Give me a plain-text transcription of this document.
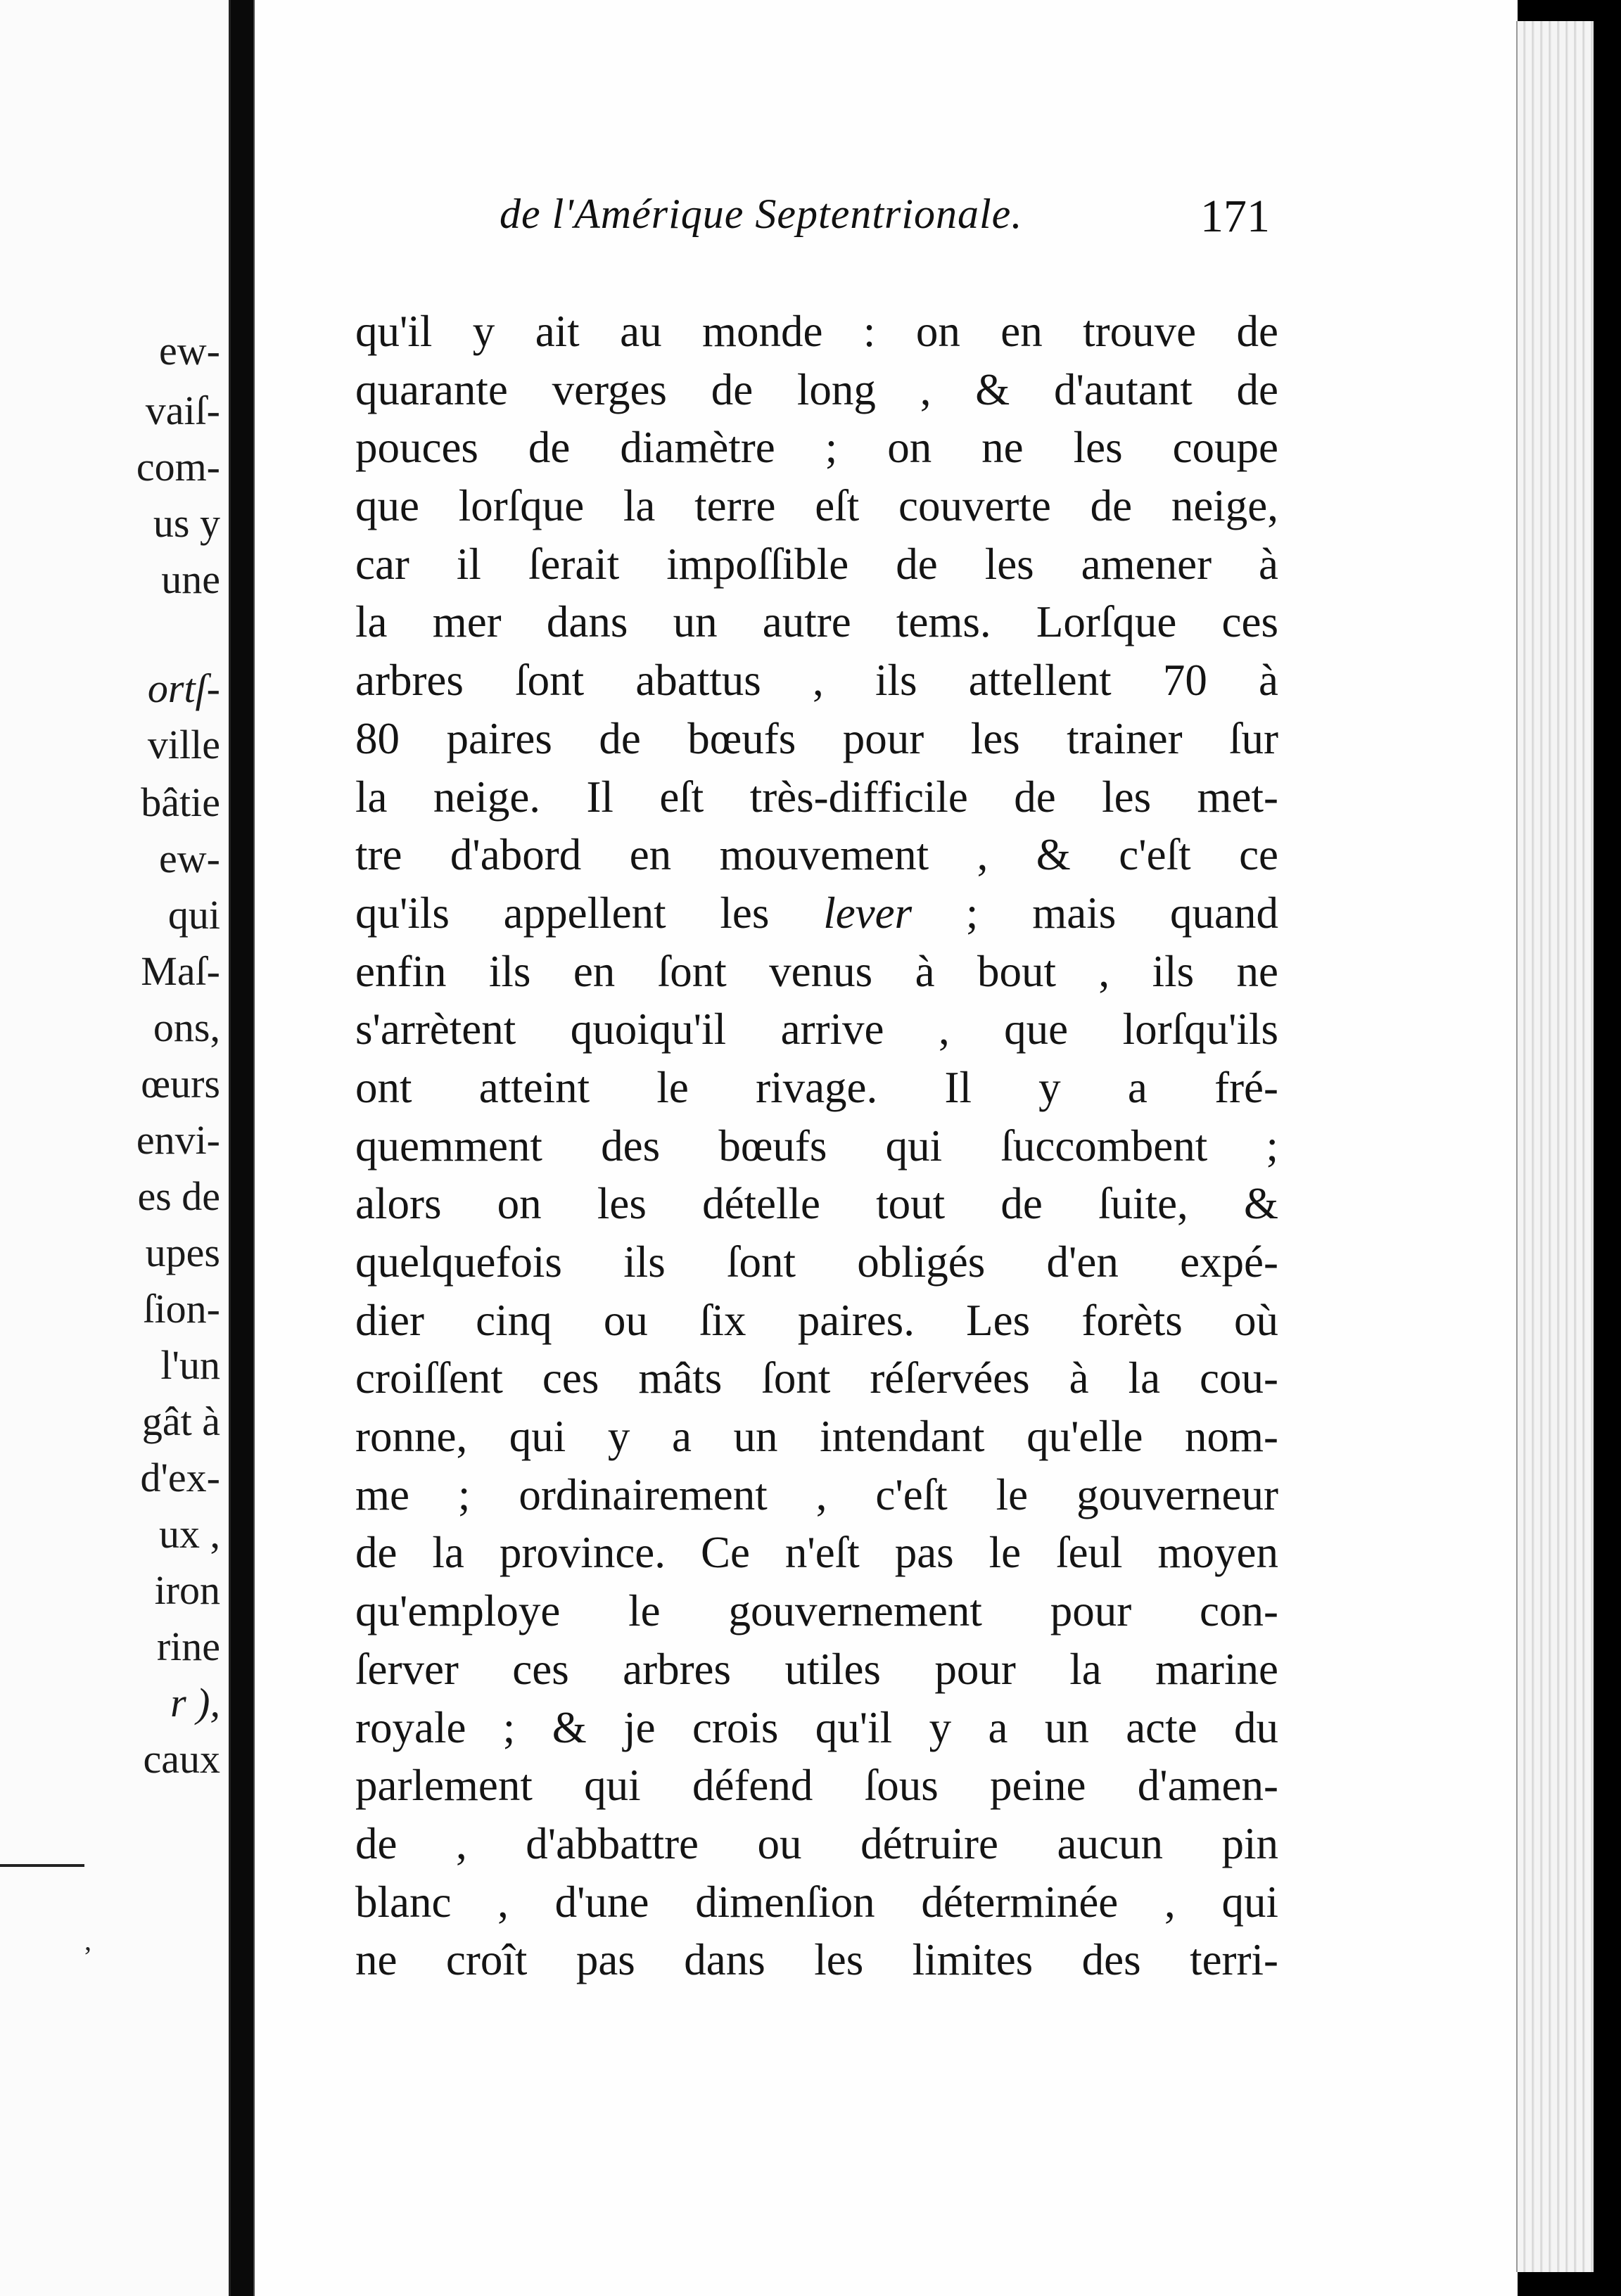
ew-
vaiſ-
com-
us y
une
ortſ-
ville
bâtie
ew-
qui
Maſ-
ons,
œurs
envi-
es de
upes
ſion-
l'un
gât à
d'ex-
ux ,
iron
rine
r ),
caux
,
de l'Amérique Septentrionale.	171
qu'il y ait au monde : on en trouve de
quarante verges de long , & d'autant de
pouces de diamètre ; on ne les coupe
que lorſque la terre eſt couverte de neige,
car il ſerait impoſſible de les amener à
la mer dans un autre tems. Lorſque ces
arbres ſont abattus , ils attellent 70 à
80 paires de bœufs pour les trainer ſur
la neige. Il eſt très-difficile de les met-
tre d'abord en mouvement , & c'eſt ce
qu'ils appellent les lever ; mais quand
enfin ils en ſont venus à bout , ils ne
s'arrètent quoiqu'il arrive , que lorſqu'ils
ont atteint le rivage. Il y a fré-
quemment des bœufs qui ſuccombent ;
alors on les dételle tout de ſuite, &
quelquefois ils ſont obligés d'en expé-
dier cinq ou ſix paires. Les forèts où
croiſſent ces mâts ſont réſervées à la cou-
ronne, qui y a un intendant qu'elle nom-
me ; ordinairement , c'eſt le gouverneur
de la province. Ce n'eſt pas le ſeul moyen
qu'employe le gouvernement pour con-
ſerver ces arbres utiles pour la marine
royale ; & je crois qu'il y a un acte du
parlement qui défend ſous peine d'amen-
de , d'abbattre ou détruire aucun pin
blanc , d'une dimenſion déterminée , qui
ne croît pas dans les limites des terri-
